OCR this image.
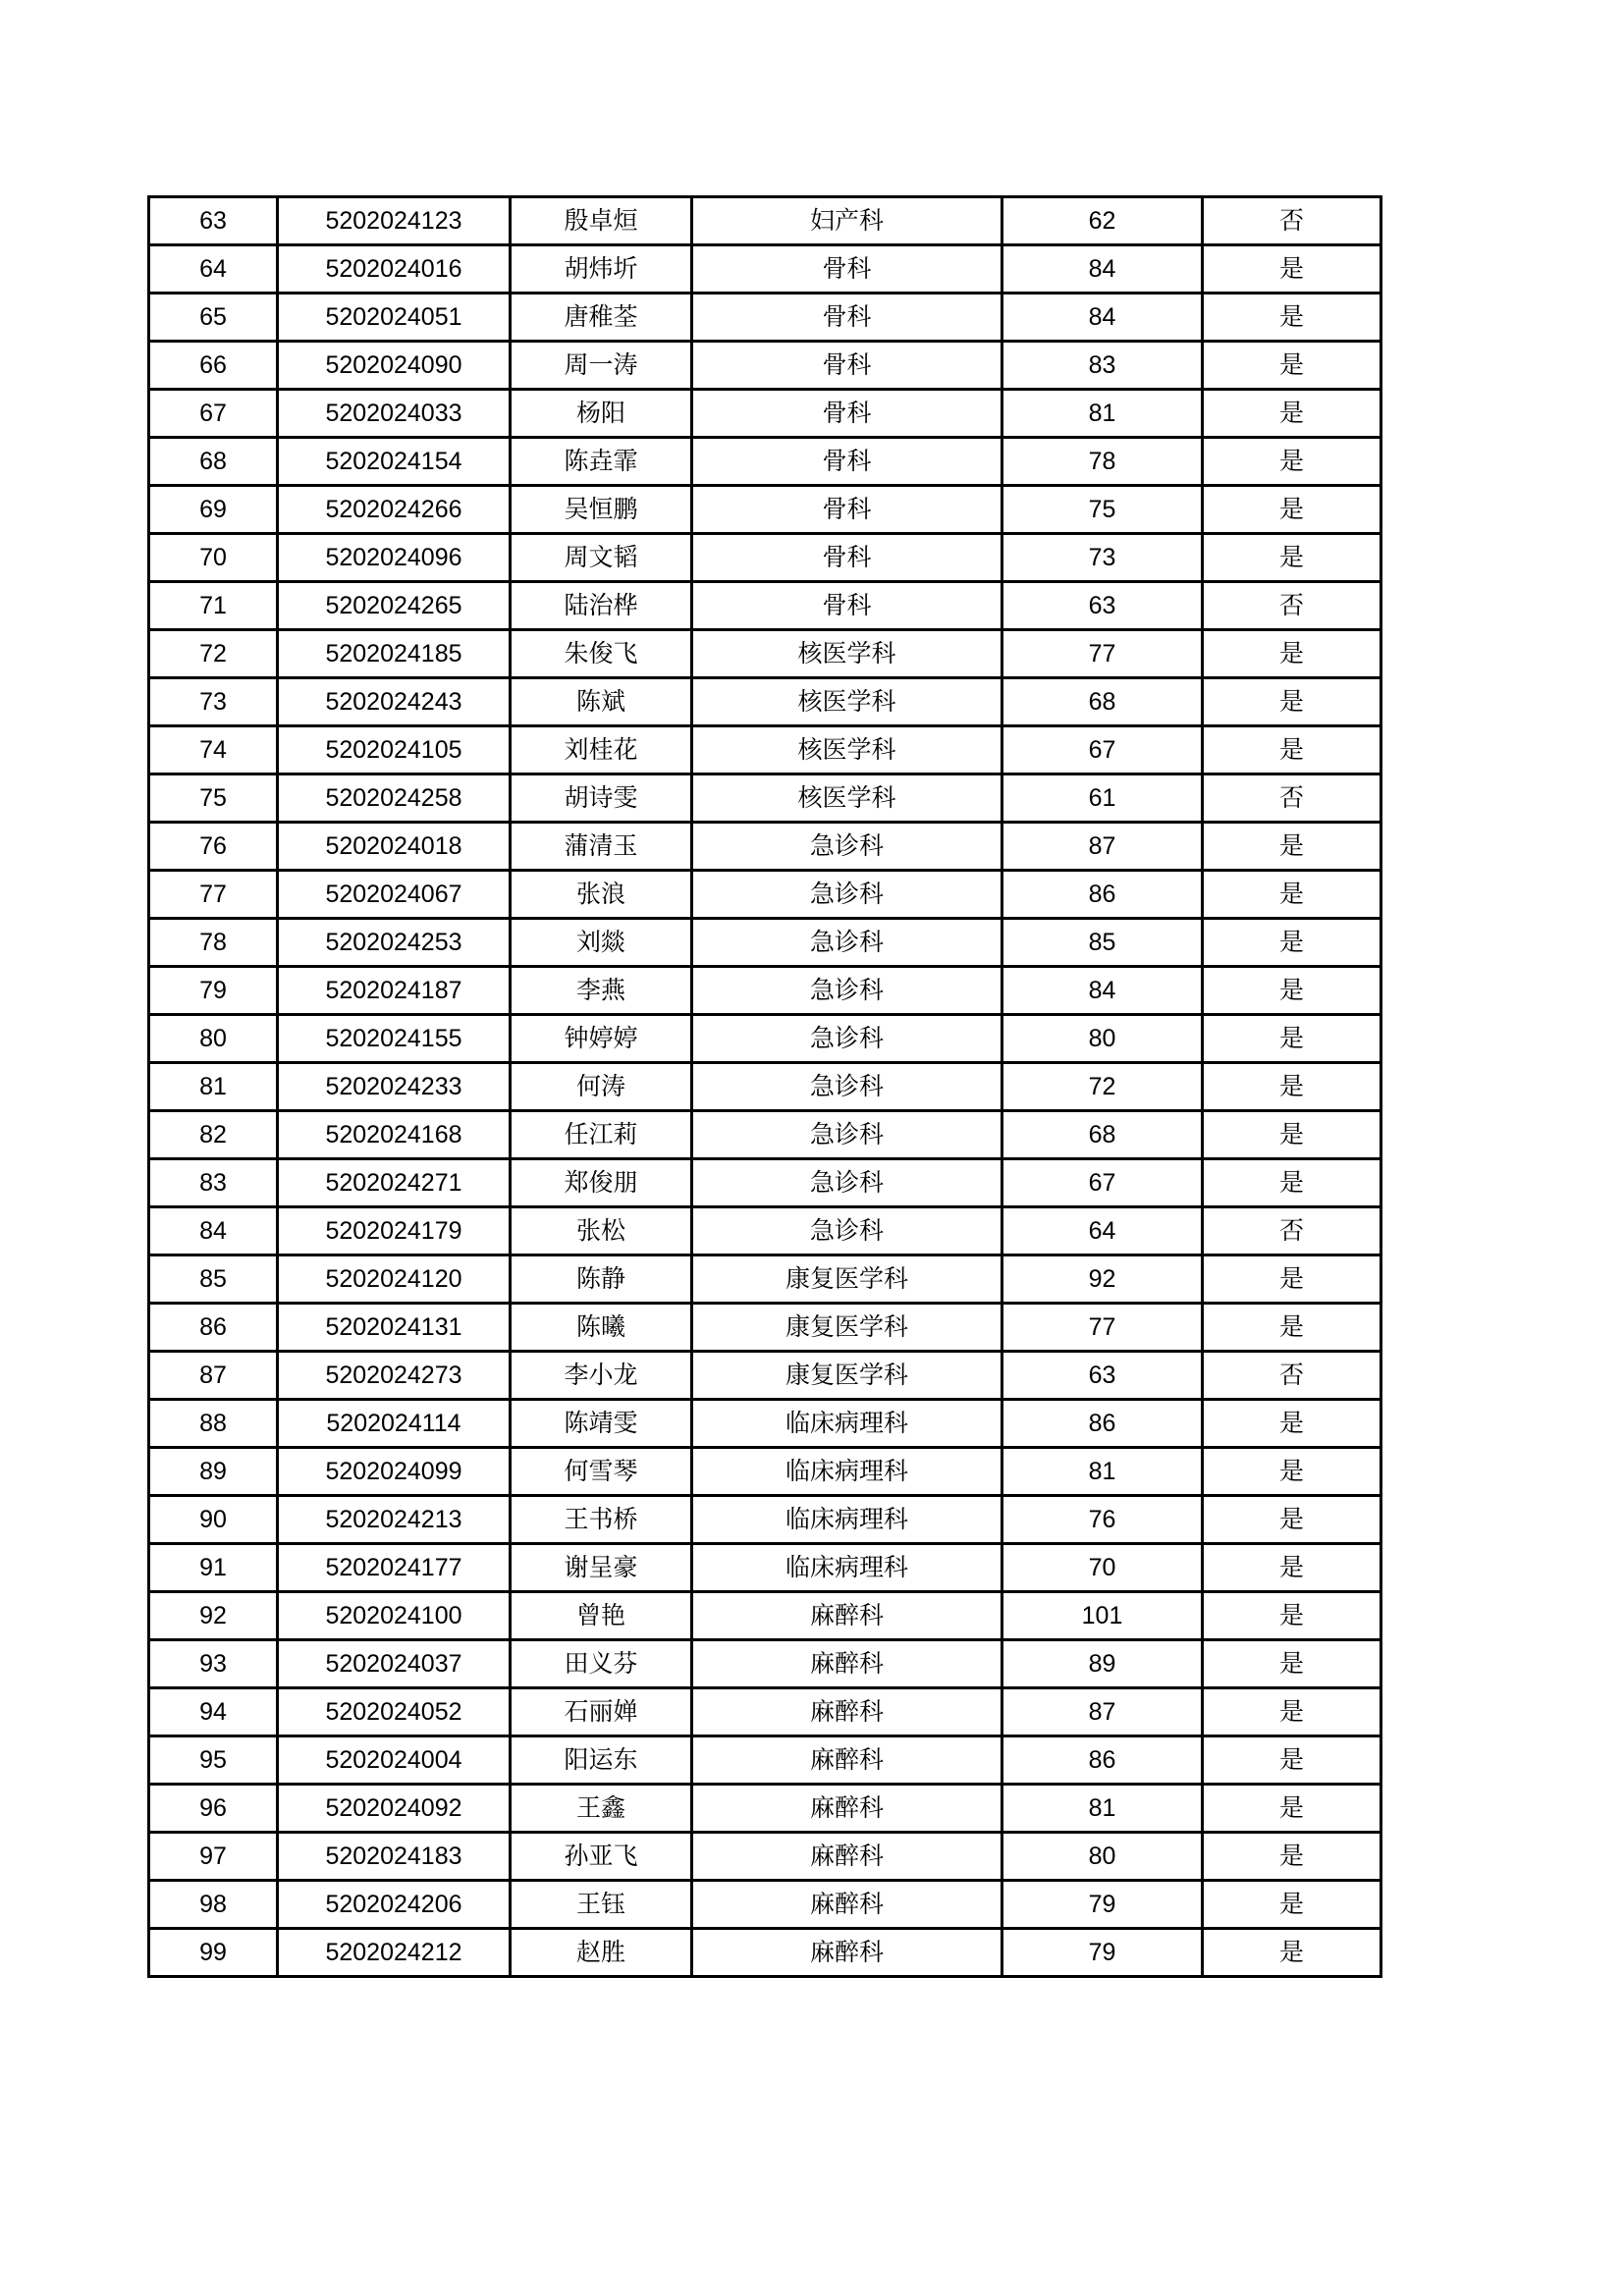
63	5202024123	殷卓烜	妇产科	62	否
64	5202024016	胡炜圻	骨科	84	是
65	5202024051	唐稚荃	骨科	84	是
66	5202024090	周一涛	骨科	83	是
67	5202024033	杨阳	骨科	81	是
68	5202024154	陈垚霏	骨科	78	是
69	5202024266	吴恒鹏	骨科	75	是
70	5202024096	周文韬	骨科	73	是
71	5202024265	陆治桦	骨科	63	否
72	5202024185	朱俊飞	核医学科	77	是
73	5202024243	陈斌	核医学科	68	是
74	5202024105	刘桂花	核医学科	67	是
75	5202024258	胡诗雯	核医学科	61	否
76	5202024018	蒲清玉	急诊科	87	是
77	5202024067	张浪	急诊科	86	是
78	5202024253	刘燚	急诊科	85	是
79	5202024187	李燕	急诊科	84	是
80	5202024155	钟婷婷	急诊科	80	是
81	5202024233	何涛	急诊科	72	是
82	5202024168	任江莉	急诊科	68	是
83	5202024271	郑俊朋	急诊科	67	是
84	5202024179	张松	急诊科	64	否
85	5202024120	陈静	康复医学科	92	是
86	5202024131	陈曦	康复医学科	77	是
87	5202024273	李小龙	康复医学科	63	否
88	5202024114	陈靖雯	临床病理科	86	是
89	5202024099	何雪琴	临床病理科	81	是
90	5202024213	王书桥	临床病理科	76	是
91	5202024177	谢呈豪	临床病理科	70	是
92	5202024100	曾艳	麻醉科	101	是
93	5202024037	田义芬	麻醉科	89	是
94	5202024052	石丽婵	麻醉科	87	是
95	5202024004	阳运东	麻醉科	86	是
96	5202024092	王鑫	麻醉科	81	是
97	5202024183	孙亚飞	麻醉科	80	是
98	5202024206	王钰	麻醉科	79	是
99	5202024212	赵胜	麻醉科	79	是
